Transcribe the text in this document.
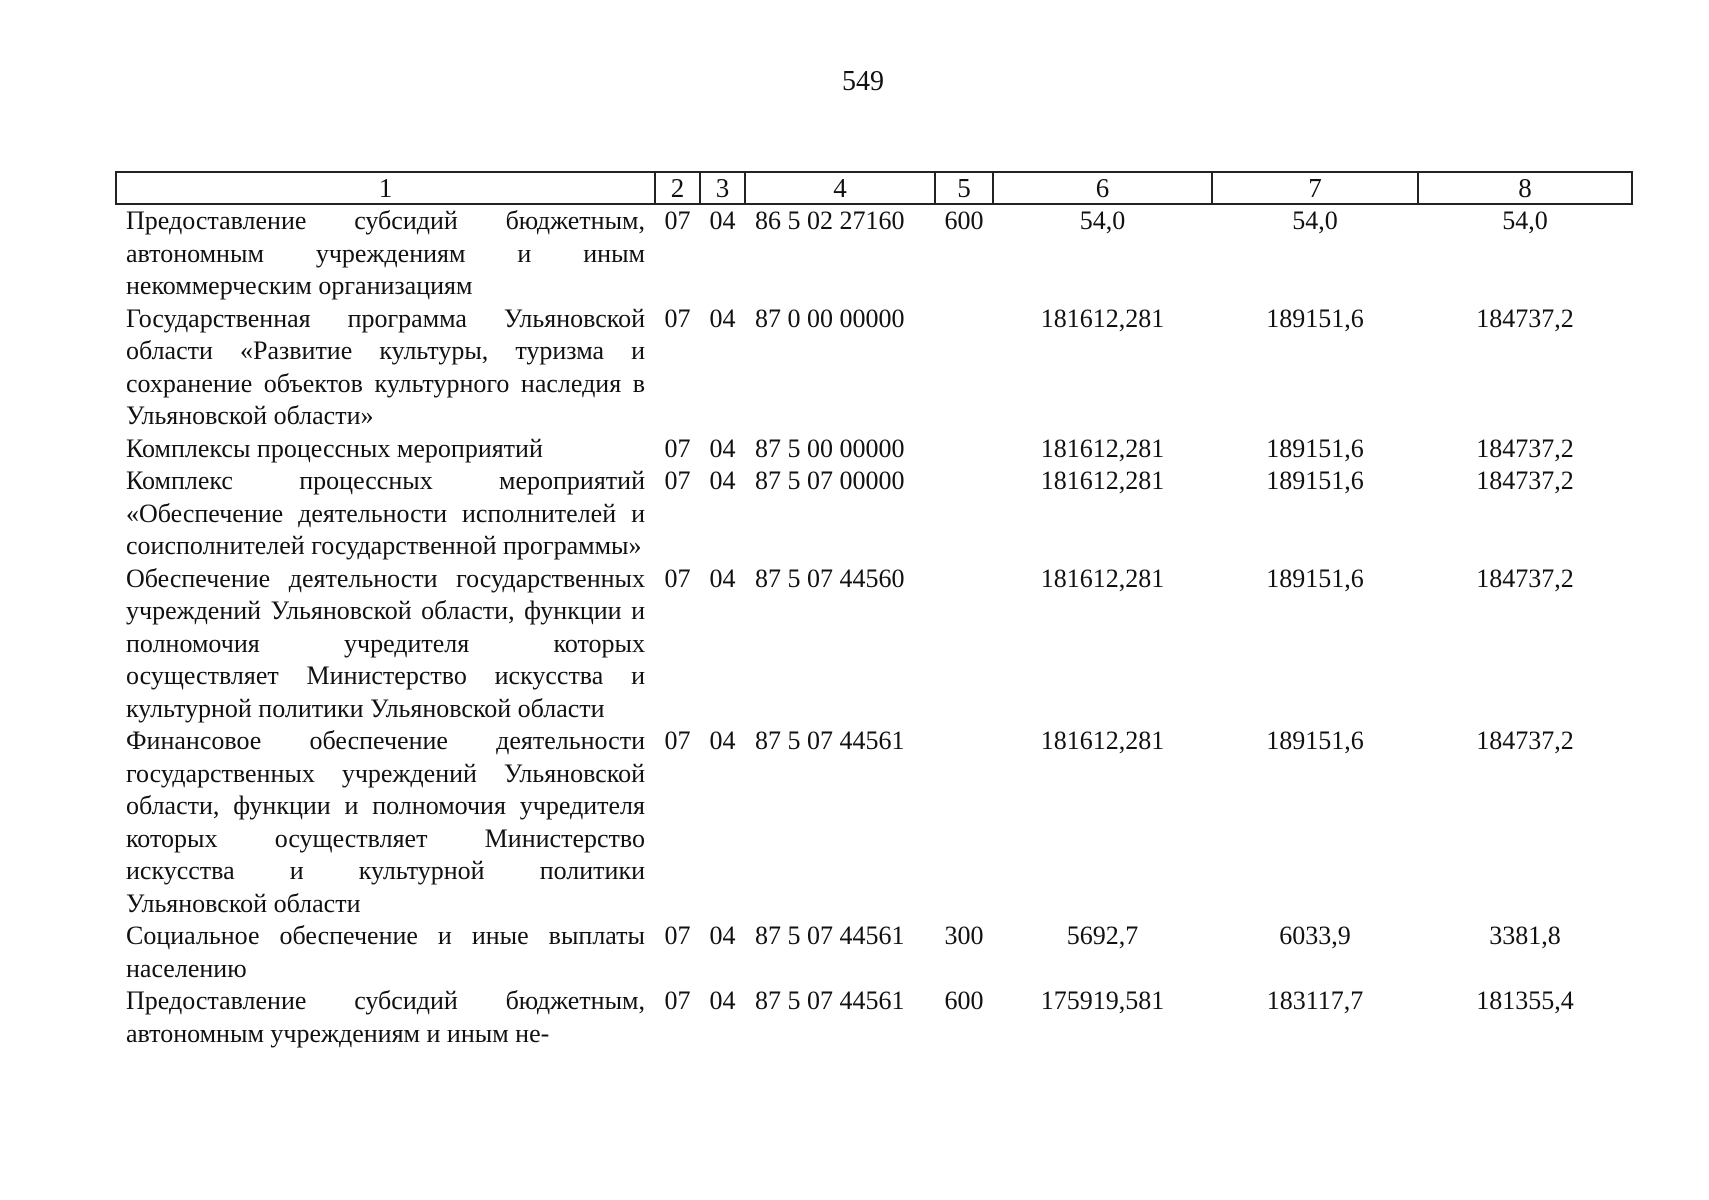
549
1	2	3	4	5	6	7	8
Предоставление субсидий бюджетным, автономным учреждениям и иным некоммерческим организациям	07	04	86 5 02 27160	600	54,0	54,0	54,0
Государственная программа Ульяновской области «Развитие культуры, туризма и сохранение объектов культурного наследия в Ульяновской области»	07	04	87 0 00 00000		181612,281	189151,6	184737,2
Комплексы процессных мероприятий	07	04	87 5 00 00000		181612,281	189151,6	184737,2
Комплекс процессных мероприятий «Обеспечение деятельности исполнителей и соисполнителей государственной программы»	07	04	87 5 07 00000		181612,281	189151,6	184737,2
Обеспечение деятельности государственных учреждений Ульяновской области, функции и полномочия учредителя которых осуществляет Министерство искусства и культурной политики Ульяновской области	07	04	87 5 07 44560		181612,281	189151,6	184737,2
Финансовое обеспечение деятельности государственных учреждений Ульяновской области, функции и полномочия учредителя которых осуществляет Министерство искусства и культурной политики Ульяновской области	07	04	87 5 07 44561		181612,281	189151,6	184737,2
Социальное обеспечение и иные выплаты населению	07	04	87 5 07 44561	300	5692,7	6033,9	3381,8
Предоставление субсидий бюджетным, автономным учреждениям и иным не-	07	04	87 5 07 44561	600	175919,581	183117,7	181355,4
